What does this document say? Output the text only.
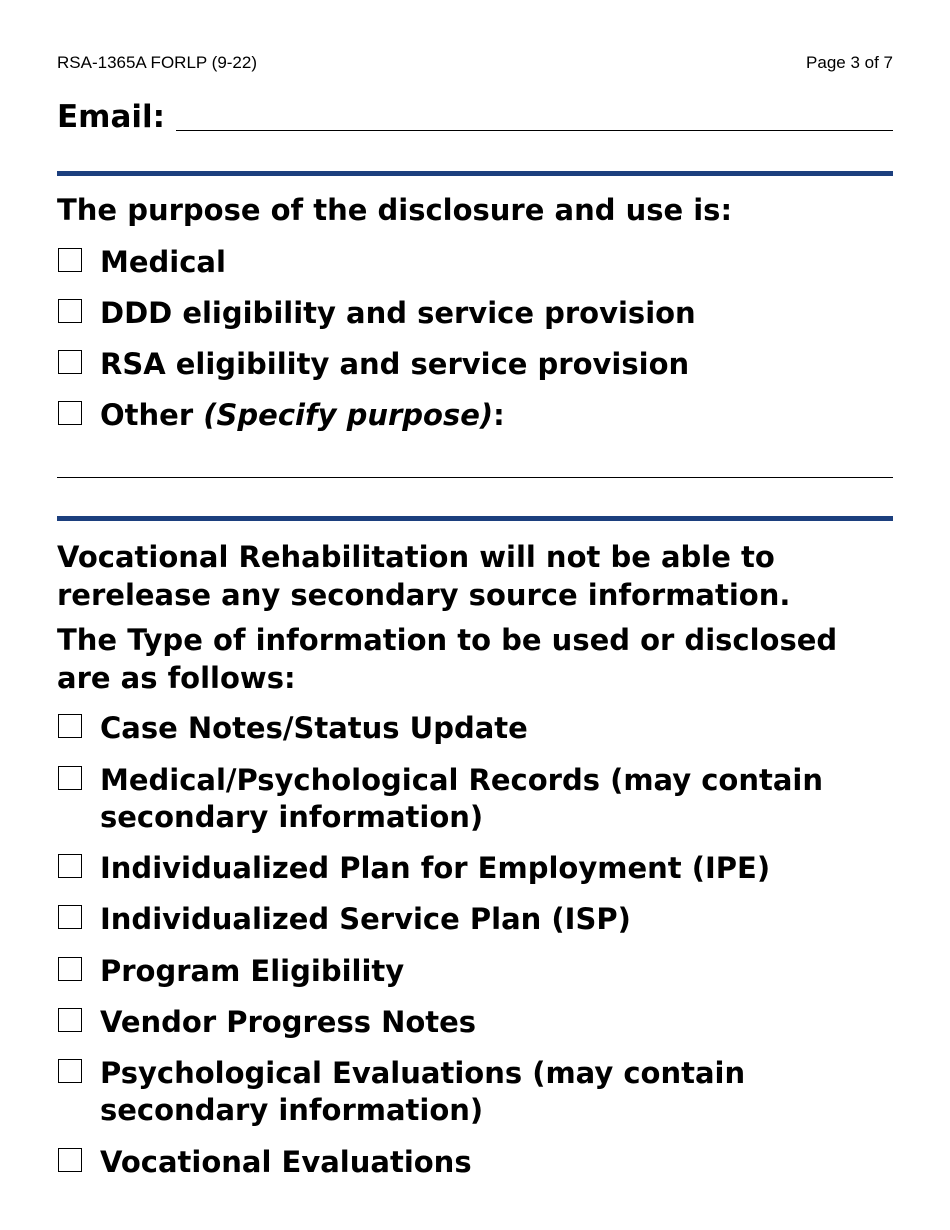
RSA-1365A FORLP (9-22)	Page 3 of 7
Email:
The purpose of the disclosure and use is:
Medical
DDD eligibility and service provision
RSA eligibility and service provision
Other (Specify purpose):
Vocational Rehabilitation will not be able to
rerelease any secondary source information.
The Type of information to be used or disclosed
are as follows:
Case Notes/Status Update
Medical/Psychological Records (may contain
secondary information)
Individualized Plan for Employment (IPE)
Individualized Service Plan (ISP)
Program Eligibility
Vendor Progress Notes
Psychological Evaluations (may contain
secondary information)
Vocational Evaluations
